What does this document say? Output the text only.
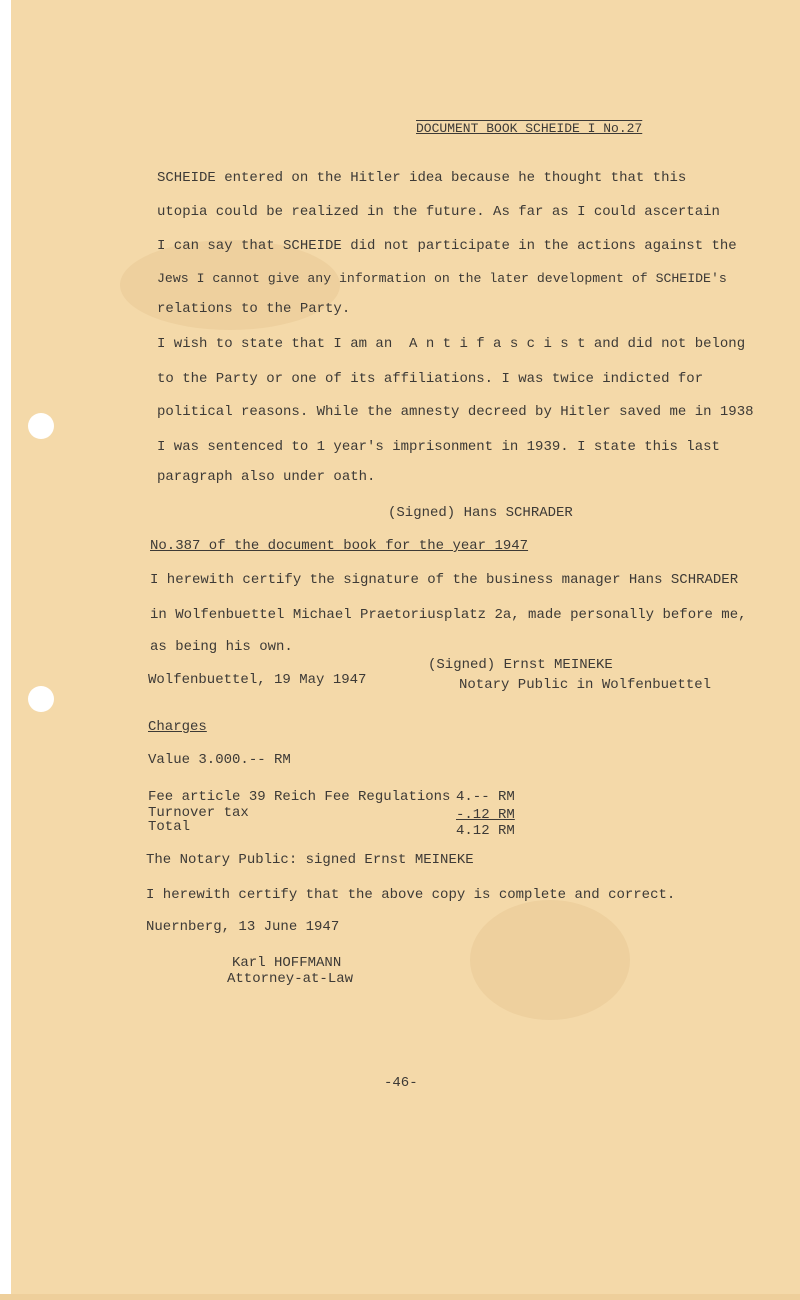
DOCUMENT BOOK SCHEIDE I No.27
SCHEIDE entered on the Hitler idea because he thought that this
utopia could be realized in the future. As far as I could ascertain
I can say that SCHEIDE did not participate in the actions against the
Jews I cannot give any information on the later development of SCHEIDE's
relations to the Party.
I wish to state that I am an  A n t i f a s c i s t and did not belong
to the Party or one of its affiliations. I was twice indicted for
political reasons. While the amnesty decreed by Hitler saved me in 1938
I was sentenced to 1 year's imprisonment in 1939. I state this last
paragraph also under oath.
(Signed) Hans SCHRADER
No.387 of the document book for the year 1947
I herewith certify the signature of the business manager Hans SCHRADER
in Wolfenbuettel Michael Praetoriusplatz 2a, made personally before me,
as being his own.
(Signed) Ernst MEINEKE
Wolfenbuettel, 19 May 1947	Notary Public in Wolfenbuettel
Charges
Value 3.000.-- RM
Fee article 39 Reich Fee Regulations 4.-- RM
Turnover tax	-.12 RM
Total	4.12 RM
The Notary Public: signed Ernst MEINEKE
I herewith certify that the above copy is complete and correct.
Nuernberg, 13 June 1947
Karl HOFFMANN
Attorney-at-Law
-46-
